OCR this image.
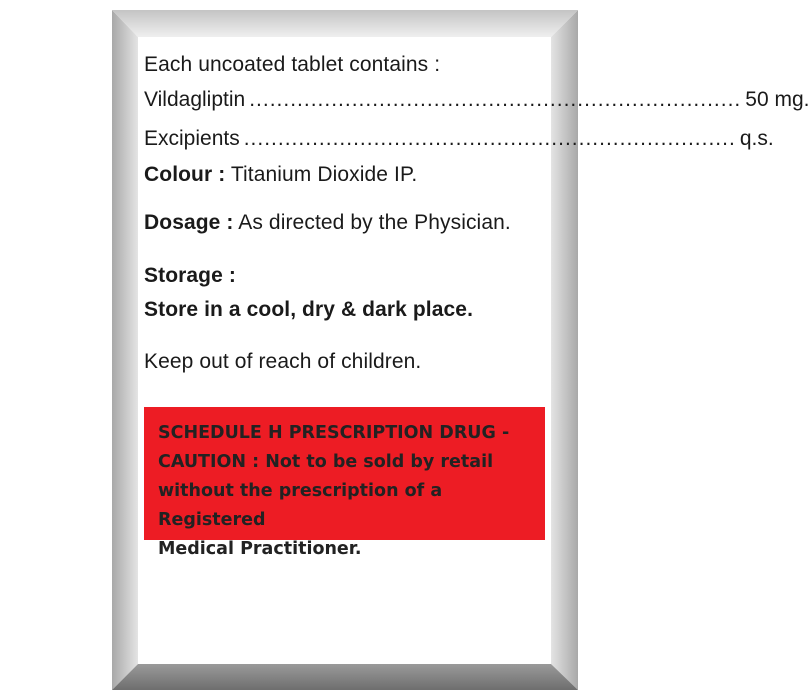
Each uncoated tablet contains :
Vildagliptin ........................................................................ 50 mg.
Excipients ........................................................................ q.s.
Colour : Titanium Dioxide IP.
Dosage : As directed by the Physician.
Storage :
Store in a cool, dry & dark place.
Keep out of reach of children.

SCHEDULE H PRESCRIPTION DRUG -

CAUTION : Not to be sold by retail

without the prescription of a Registered

Medical Practitioner.
